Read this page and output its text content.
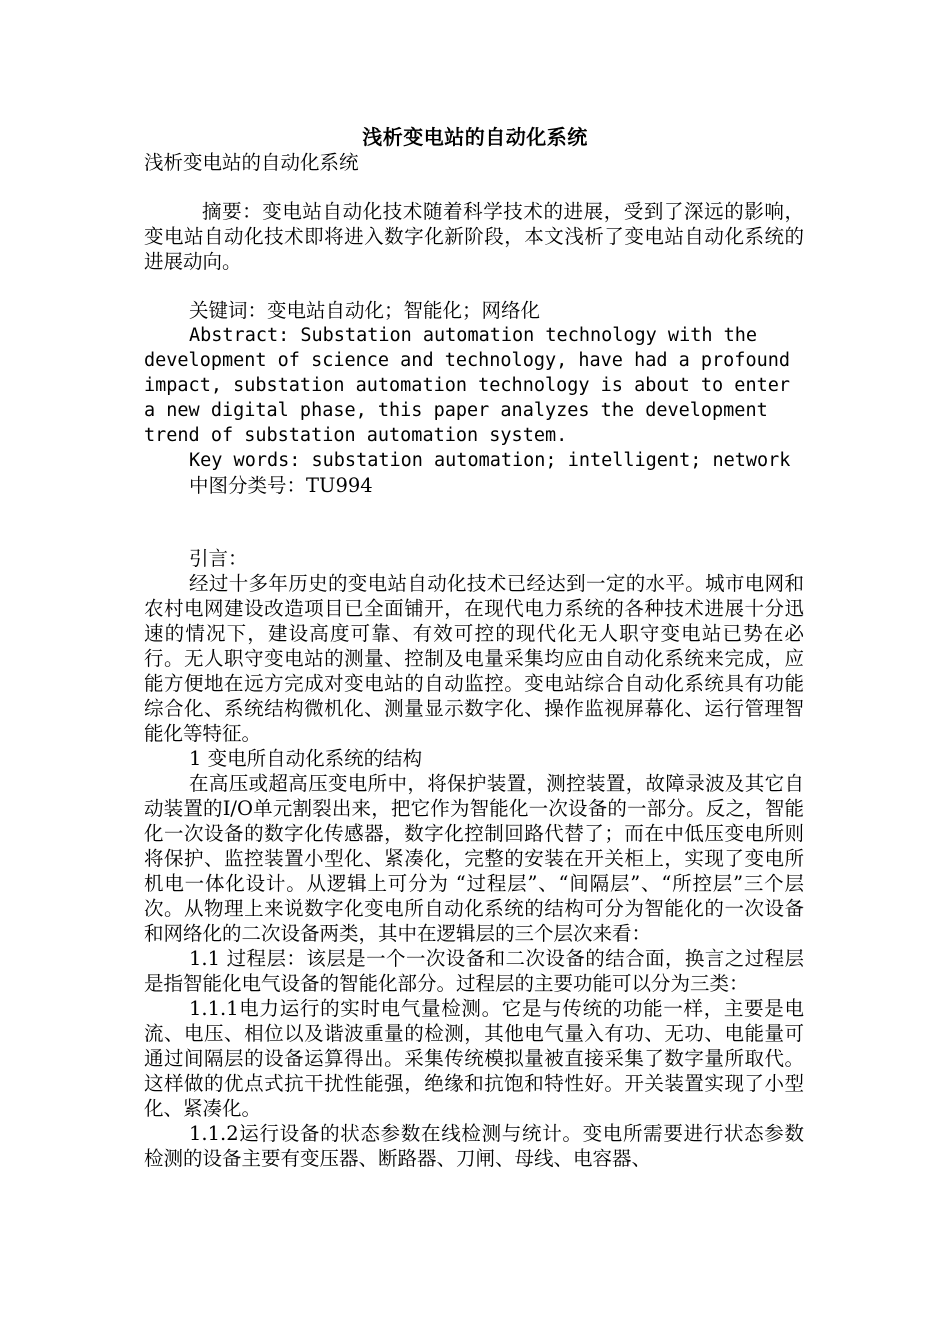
浅析变电站的自动化系统

浅析变电站的自动化系统

摘要：变电站自动化技术随着科学技术的进展，受到了深远的影响，变电站自动化技术即将进入数字化新阶段，本文浅析了变电站自动化系统的进展动向。

关键词：变电站自动化；智能化；网络化

Abstract: Substation automation technology with the
development of science and technology, have had a profound
impact, substation automation technology is about to enter
a new digital phase, this paper analyzes the development
trend of substation automation system.

Key words: substation automation; intelligent; network

中图分类号：TU994

引言：

经过十多年历史的变电站自动化技术已经达到一定的水平。城市电网和农村电网建设改造项目已全面铺开，在现代电力系统的各种技术进展十分迅速的情况下，建设高度可靠、有效可控的现代化无人职守变电站已势在必行。无人职守变电站的测量、控制及电量采集均应由自动化系统来完成，应能方便地在远方完成对变电站的自动监控。变电站综合自动化系统具有功能综合化、系统结构微机化、测量显示数字化、操作监视屏幕化、运行管理智能化等特征。

1 变电所自动化系统的结构

在高压或超高压变电所中，将保护装置，测控装置，故障录波及其它自动装置的I/O单元割裂出来，把它作为智能化一次设备的一部分。反之，智能化一次设备的数字化传感器，数字化控制回路代替了；而在中低压变电所则将保护、监控装置小型化、紧凑化，完整的安装在开关柜上，实现了变电所机电一体化设计。从逻辑上可分为 “过程层”、“间隔层”、“所控层”三个层次。从物理上来说数字化变电所自动化系统的结构可分为智能化的一次设备和网络化的二次设备两类，其中在逻辑层的三个层次来看：

1.1 过程层：该层是一个一次设备和二次设备的结合面，换言之过程层是指智能化电气设备的智能化部分。过程层的主要功能可以分为三类：

1.1.1电力运行的实时电气量检测。它是与传统的功能一样，主要是电流、电压、相位以及谐波重量的检测，其他电气量入有功、无功、电能量可通过间隔层的设备运算得出。采集传统模拟量被直接采集了数字量所取代。这样做的优点式抗干扰性能强，绝缘和抗饱和特性好。开关装置实现了小型化、紧凑化。

1.1.2运行设备的状态参数在线检测与统计。变电所需要进行状态参数检测的设备主要有变压器、断路器、刀闸、母线、电容器、
